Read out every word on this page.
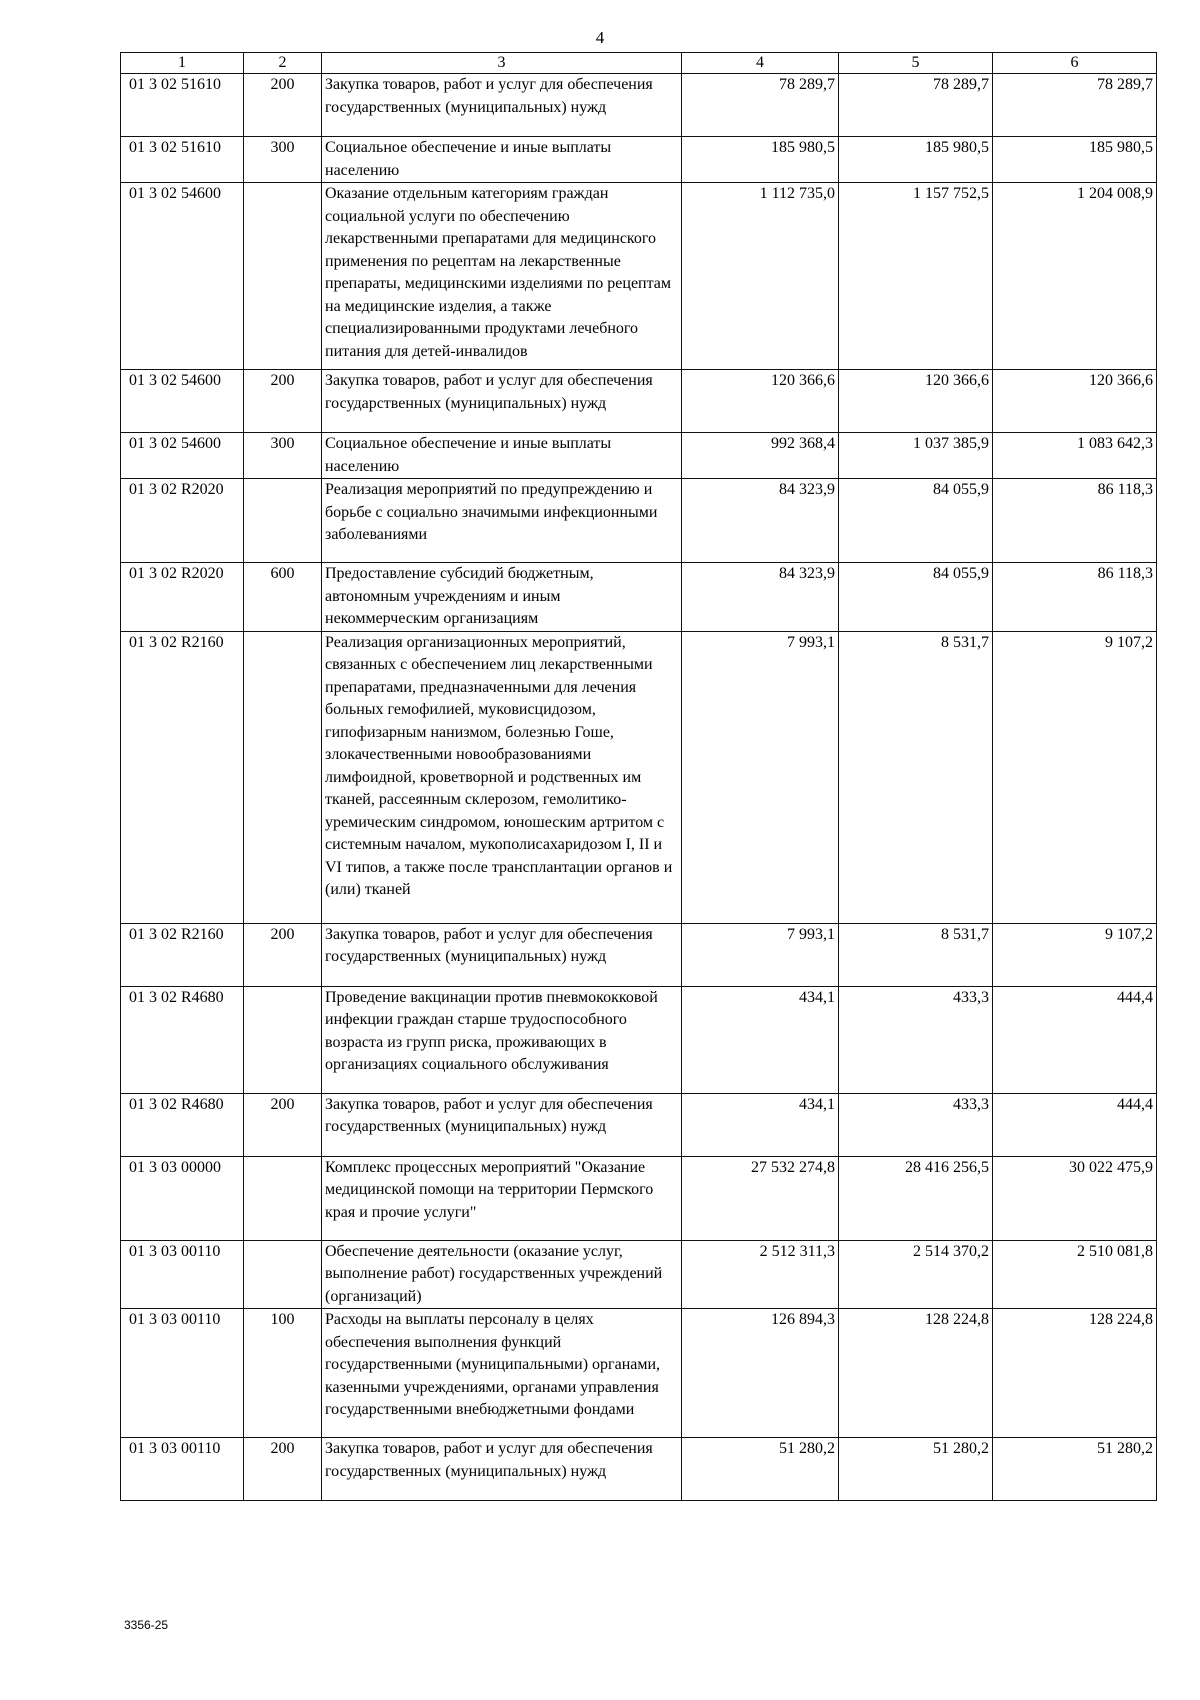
4
1	2	3	4	5	6
01 3 02 51610	200	Закупка товаров, работ и услуг для обеспечения государственных (муниципальных) нужд	78 289,7	78 289,7	78 289,7
01 3 02 51610	300	Социальное обеспечение и иные выплаты населению	185 980,5	185 980,5	185 980,5
01 3 02 54600		Оказание отдельным категориям граждан социальной услуги по обеспечению лекарственными препаратами для медицинского применения по рецептам на лекарственные препараты, медицинскими изделиями по рецептам на медицинские изделия, а также специализированными продуктами лечебного питания для детей-инвалидов	1 112 735,0	1 157 752,5	1 204 008,9
01 3 02 54600	200	Закупка товаров, работ и услуг для обеспечения государственных (муниципальных) нужд	120 366,6	120 366,6	120 366,6
01 3 02 54600	300	Социальное обеспечение и иные выплаты населению	992 368,4	1 037 385,9	1 083 642,3
01 3 02 R2020		Реализация мероприятий по предупреждению и борьбе с социально значимыми инфекционными заболеваниями	84 323,9	84 055,9	86 118,3
01 3 02 R2020	600	Предоставление субсидий бюджетным, автономным учреждениям и иным некоммерческим организациям	84 323,9	84 055,9	86 118,3
01 3 02 R2160		Реализация организационных мероприятий, связанных с обеспечением лиц лекарственными препаратами, предназначенными для лечения больных гемофилией, муковисцидозом, гипофизарным нанизмом, болезнью Гоше, злокачественными новообразованиями лимфоидной, кроветворной и родственных им тканей, рассеянным склерозом, гемолитико-уремическим синдромом, юношеским артритом с системным началом, мукополисахаридозом I, II и VI типов, а также после трансплантации органов и (или) тканей	7 993,1	8 531,7	9 107,2
01 3 02 R2160	200	Закупка товаров, работ и услуг для обеспечения государственных (муниципальных) нужд	7 993,1	8 531,7	9 107,2
01 3 02 R4680		Проведение вакцинации против пневмококковой инфекции граждан старше трудоспособного возраста из групп риска, проживающих в организациях социального обслуживания	434,1	433,3	444,4
01 3 02 R4680	200	Закупка товаров, работ и услуг для обеспечения государственных (муниципальных) нужд	434,1	433,3	444,4
01 3 03 00000		Комплекс процессных мероприятий "Оказание медицинской помощи на территории Пермского края и прочие услуги"	27 532 274,8	28 416 256,5	30 022 475,9
01 3 03 00110		Обеспечение деятельности (оказание услуг, выполнение работ) государственных учреждений (организаций)	2 512 311,3	2 514 370,2	2 510 081,8
01 3 03 00110	100	Расходы на выплаты персоналу в целях обеспечения выполнения функций государственными (муниципальными) органами, казенными учреждениями, органами управления государственными внебюджетными фондами	126 894,3	128 224,8	128 224,8
01 3 03 00110	200	Закупка товаров, работ и услуг для обеспечения государственных (муниципальных) нужд	51 280,2	51 280,2	51 280,2
3356-25
